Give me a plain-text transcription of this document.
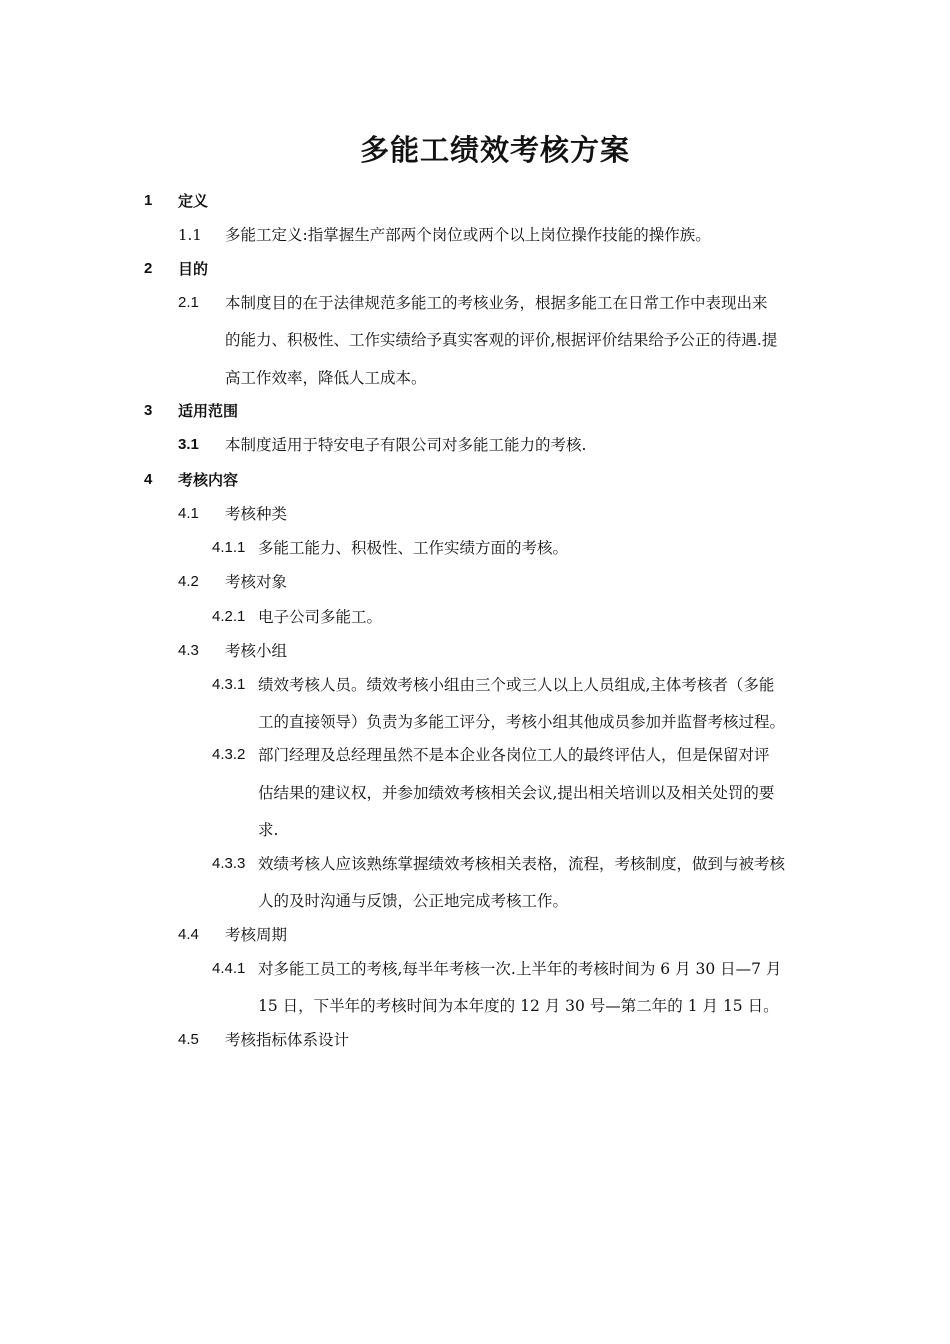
多能工绩效考核方案
1 定义
1.1 多能工定义:指掌握生产部两个岗位或两个以上岗位操作技能的操作族。
2 目的
2.1 本制度目的在于法律规范多能工的考核业务，根据多能工在日常工作中表现出来
的能力、积极性、工作实绩给予真实客观的评价,根据评价结果给予公正的待遇.提
高工作效率，降低人工成本。
3 适用范围
3.1 本制度适用于特安电子有限公司对多能工能力的考核.
4 考核内容
4.1 考核种类
4.1.1 多能工能力、积极性、工作实绩方面的考核。
4.2 考核对象
4.2.1 电子公司多能工。
4.3 考核小组
4.3.1 绩效考核人员。绩效考核小组由三个或三人以上人员组成,主体考核者（多能
工的直接领导）负责为多能工评分，考核小组其他成员参加并监督考核过程。
4.3.2 部门经理及总经理虽然不是本企业各岗位工人的最终评估人，但是保留对评
估结果的建议权，并参加绩效考核相关会议,提出相关培训以及相关处罚的要
求.
4.3.3 效绩考核人应该熟练掌握绩效考核相关表格，流程，考核制度，做到与被考核
人的及时沟通与反馈，公正地完成考核工作。
4.4 考核周期
4.4.1 对多能工员工的考核,每半年考核一次.上半年的考核时间为 6 月 30 日—7 月
15 日，下半年的考核时间为本年度的 12 月 30 号—第二年的 1 月 15 日。
4.5 考核指标体系设计
